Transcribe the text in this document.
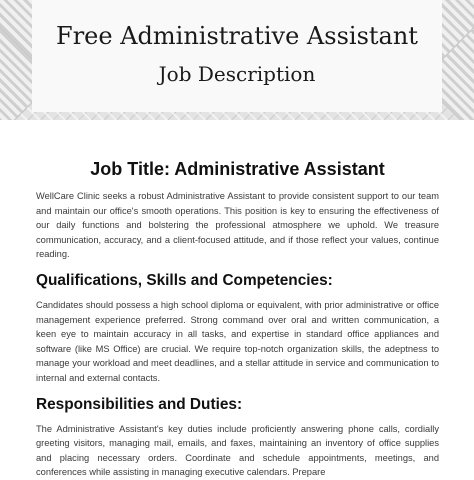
Free Administrative Assistant
Job Description
Job Title: Administrative Assistant

WellCare Clinic seeks a robust Administrative Assistant to provide consistent support to our team and maintain our office's smooth operations. This position is key to ensuring the effectiveness of our daily functions and bolstering the professional atmosphere we uphold. We treasure communication, accuracy, and a client-focused attitude, and if those reflect your values, continue reading.

Qualifications, Skills and Competencies:

Candidates should possess a high school diploma or equivalent, with prior administrative or office management experience preferred. Strong command over oral and written communication, a keen eye to maintain accuracy in all tasks, and expertise in standard office appliances and software (like MS Office) are crucial. We require top-notch organization skills, the adeptness to manage your workload and meet deadlines, and a stellar attitude in service and communication to internal and external contacts.

Responsibilities and Duties:

The Administrative Assistant's key duties include proficiently answering phone calls, cordially greeting visitors, managing mail, emails, and faxes, maintaining an inventory of office supplies and placing necessary orders. Coordinate and schedule appointments, meetings, and conferences while assisting in managing executive calendars. Prepare
